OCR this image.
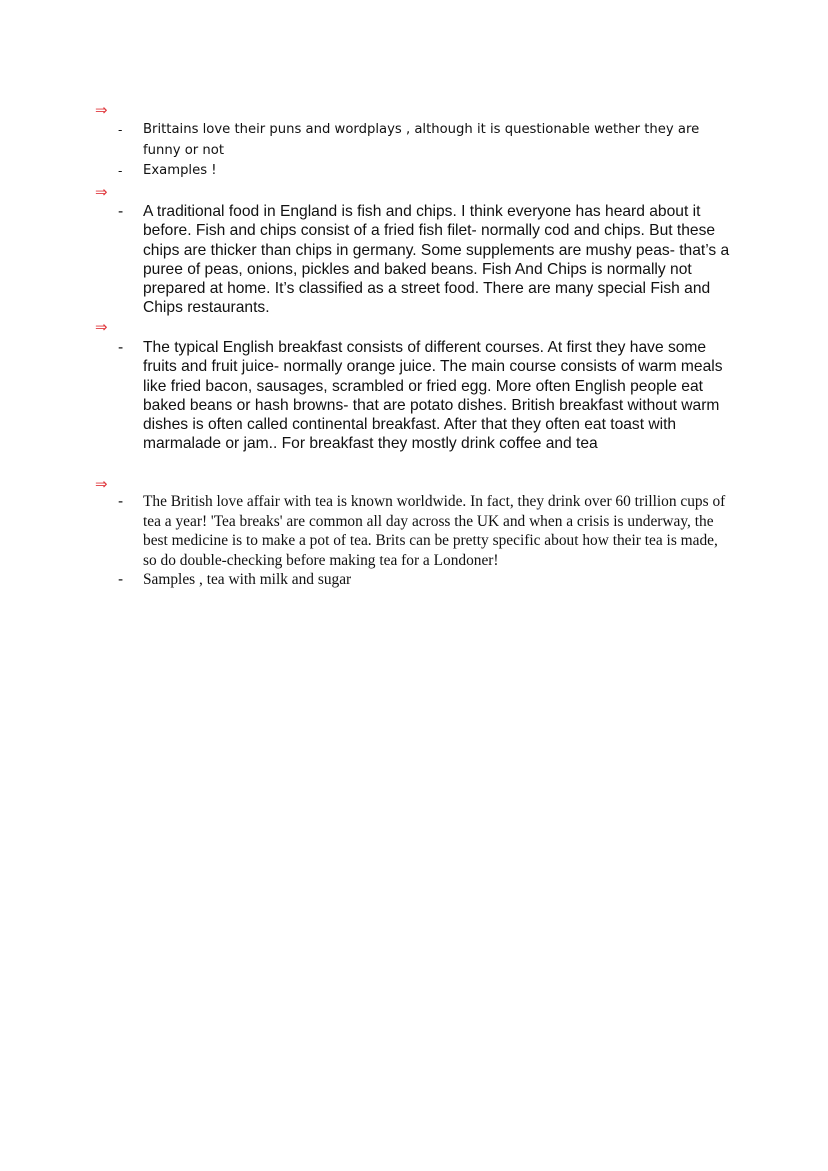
⇒
- Brittains love their puns and wordplays , although it is questionable wether they are funny or not
- Examples !
⇒
- A traditional food in England is fish and chips. I think everyone has heard about it before. Fish and chips consist of a fried fish filet- normally cod and chips. But these chips are thicker than chips in germany. Some supplements are mushy peas- that’s a puree of peas, onions, pickles and baked beans. Fish And Chips is normally not prepared at home. It’s classified as a street food. There are many special Fish and Chips restaurants.
⇒
- The typical English breakfast consists of different courses. At first they have some fruits and fruit juice- normally orange juice. The main course consists of warm meals like fried bacon, sausages, scrambled or fried egg. More often English people eat baked beans or hash browns- that are potato dishes. British breakfast without warm dishes is often called continental breakfast. After that they often eat toast with marmalade or jam.. For breakfast they mostly drink coffee and tea
⇒
- The British love affair with tea is known worldwide. In fact, they drink over 60 trillion cups of tea a year! 'Tea breaks' are common all day across the UK and when a crisis is underway, the best medicine is to make a pot of tea. Brits can be pretty specific about how their tea is made, so do double-checking before making tea for a Londoner!
- Samples , tea with milk and sugar
